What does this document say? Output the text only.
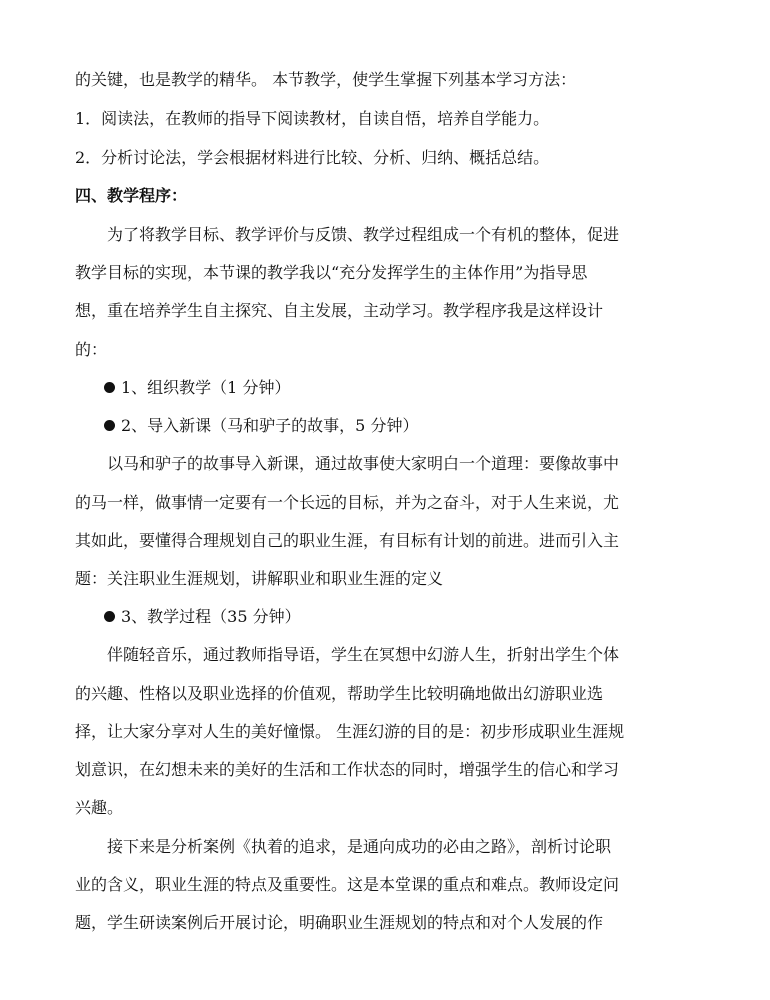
的关键，也是教学的精华。 本节教学，使学生掌握下列基本学习方法：
1．阅读法，在教师的指导下阅读教材，自读自悟，培养自学能力。
2．分析讨论法，学会根据材料进行比较、分析、归纳、概括总结。
四、教学程序：
为了将教学目标、教学评价与反馈、教学过程组成一个有机的整体，促进
教学目标的实现，本节课的教学我以“充分发挥学生的主体作用”为指导思
想，重在培养学生自主探究、自主发展，主动学习。教学程序我是这样设计
的：
1、组织教学（1 分钟）
2、导入新课（马和驴子的故事，5 分钟）
以马和驴子的故事导入新课，通过故事使大家明白一个道理：要像故事中
的马一样，做事情一定要有一个长远的目标，并为之奋斗，对于人生来说，尤
其如此，要懂得合理规划自己的职业生涯，有目标有计划的前进。进而引入主
题：关注职业生涯规划，讲解职业和职业生涯的定义
3、教学过程（35 分钟）
伴随轻音乐，通过教师指导语，学生在冥想中幻游人生，折射出学生个体
的兴趣、性格以及职业选择的价值观，帮助学生比较明确地做出幻游职业选
择，让大家分享对人生的美好憧憬。 生涯幻游的目的是：初步形成职业生涯规
划意识，在幻想未来的美好的生活和工作状态的同时，增强学生的信心和学习
兴趣。
接下来是分析案例《执着的追求，是通向成功的必由之路》，剖析讨论职
业的含义，职业生涯的特点及重要性。这是本堂课的重点和难点。教师设定问
题，学生研读案例后开展讨论，明确职业生涯规划的特点和对个人发展的作
